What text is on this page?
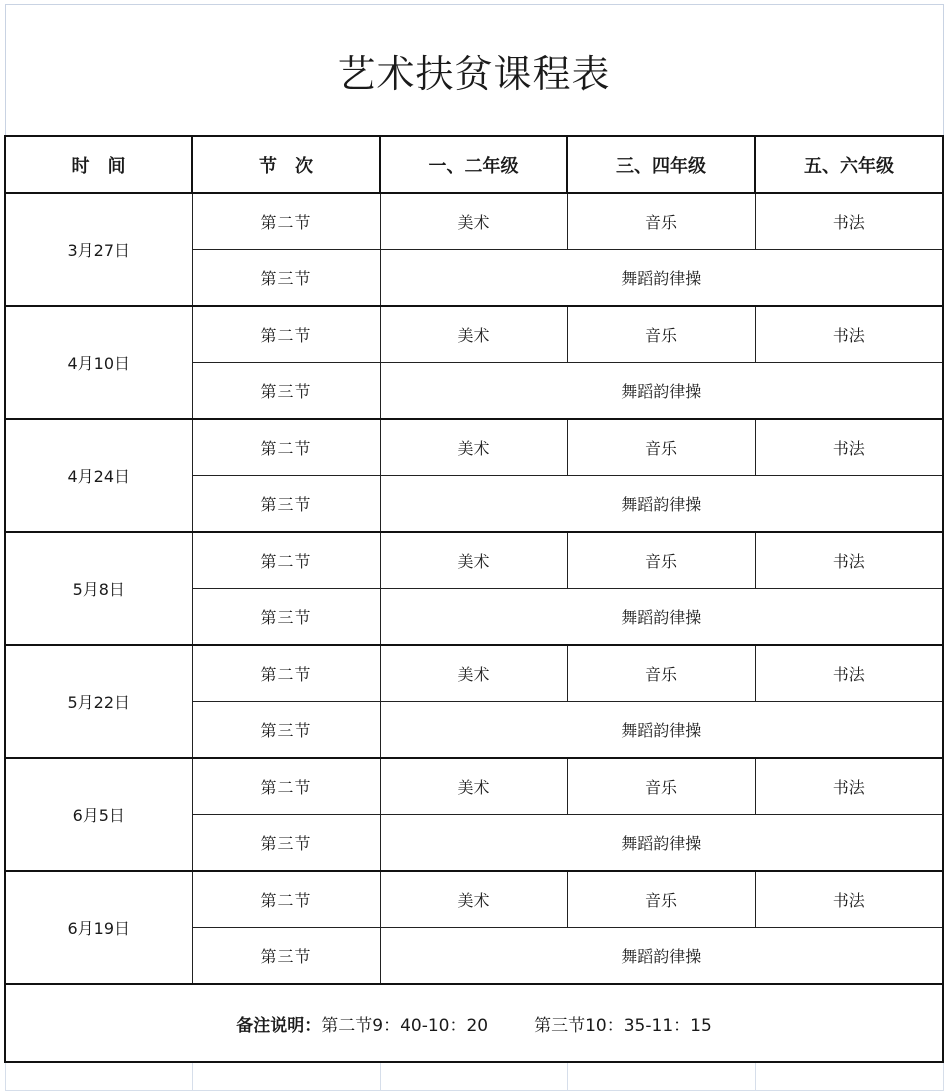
艺术扶贫课程表				
时　间	节　次	一、二年级	三、四年级	五、六年级
3月27日	第二节	美术	音乐	书法
	第三节	舞蹈韵律操		
4月10日	第二节	美术	音乐	书法
	第三节	舞蹈韵律操		
4月24日	第二节	美术	音乐	书法
	第三节	舞蹈韵律操		
5月8日	第二节	美术	音乐	书法
	第三节	舞蹈韵律操		
5月22日	第二节	美术	音乐	书法
	第三节	舞蹈韵律操		
6月5日	第二节	美术	音乐	书法
	第三节	舞蹈韵律操		
6月19日	第二节	美术	音乐	书法
	第三节	舞蹈韵律操		
备注说明：第二节9：40-10：20 第三节10：35-11：15				
